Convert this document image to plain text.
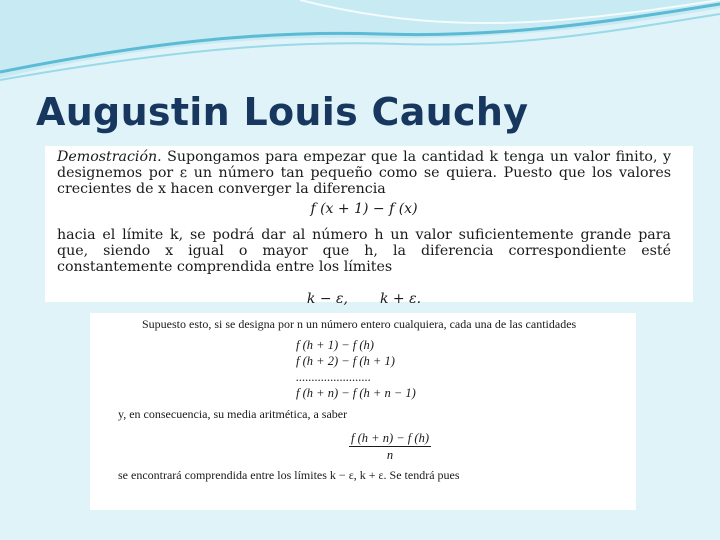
Augustin Louis Cauchy

Demostración. Supongamos para empezar que la cantidad k tenga un valor finito, y designemos por ε un número tan pequeño como se quiera. Puesto que los valores crecientes de x hacen converger la diferencia

f (x + 1) − f (x)

hacia el límite k, se podrá dar al número h un valor suficientemente grande para que, siendo x igual o mayor que h, la diferencia correspondiente esté constantemente comprendida entre los límites

k − ε, k + ε.

Supuesto esto, si se designa por n un número entero cualquiera, cada una de las cantidades

f (h + 1) − f (h)
f (h + 2) − f (h + 1)
........................
f (h + n) − f (h + n − 1)

y, en consecuencia, su media aritmética, a saber

$\frac{f (h + n) - f (h)}{n}$

se encontrará comprendida entre los límites k − ε, k + ε. Se tendrá pues
